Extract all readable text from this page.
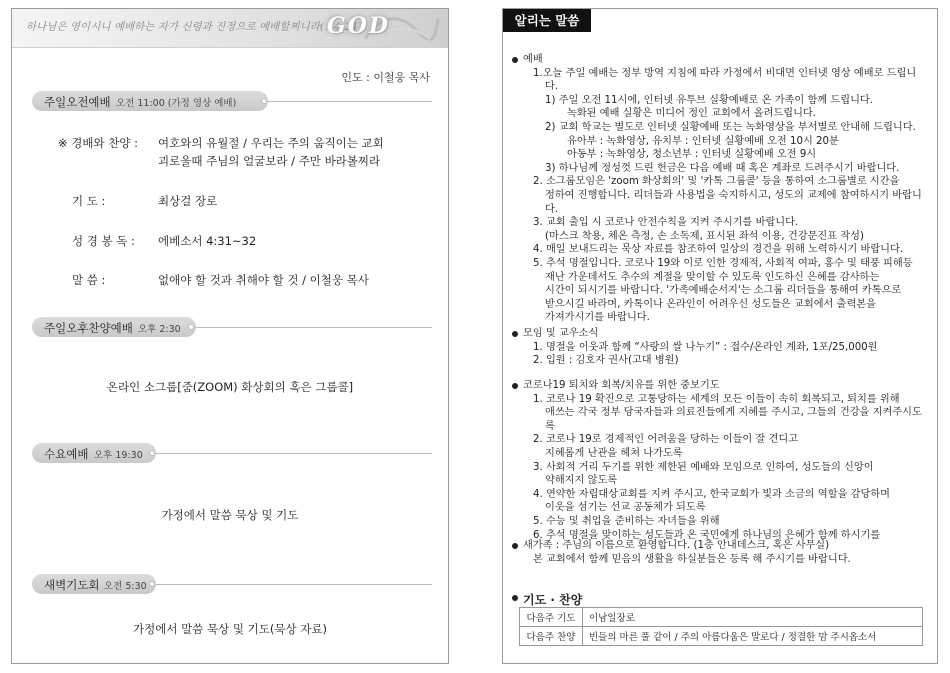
하나님은 영이시니 예배하는 자가 신령과 진정으로 예배할찌니라(요4:24)
GOD
인도 : 이철웅 목사
주일오전예배 오전 11:00 (가정 영상 예배)
※ 경배와 찬양 : 여호와의 유월절 / 우리는 주의 움직이는 교회
괴로울때 주님의 얼굴보라 / 주만 바라볼찌라
기 도 :	최상걸 장로
성 경 봉 독 : 에베소서 4:31~32
말 씀 :	없애야 할 것과 취해야 할 것 / 이철웅 목사
주일오후찬양예배 오후 2:30
온라인 소그룹[줌(ZOOM) 화상회의 혹은 그룹콜]
수요예배 오후 19:30
가정에서 말씀 묵상 및 기도
새벽기도회 오전 5:30
가정에서 말씀 묵상 및 기도(묵상 자료)
알리는 말씀
예배
1.오늘 주일 예배는 정부 방역 지침에 따라 가정에서 비대면 인터넷 영상 예배로 드립니다.
1) 주일 오전 11시에, 인터넷 유투브 실황예배로 온 가족이 함께 드립니다.
녹화된 예배 실황은 미디어 정인 교회에서 올려드립니다.
2) 교회 학교는 별도로 인터넷 실황예배 또는 녹화영상을 부서별로 안내해 드립니다.
유아부 : 녹화영상, 유치부 : 인터넷 실황예배 오전 10시 20분
아동부 : 녹화영상, 청소년부 : 인터넷 실황예배 오전 9시
3) 하나님께 정성껏 드린 헌금은 다음 예배 때 혹은 계좌로 드려주시기 바랍니다.
2. 소그룹모임은 'zoom 화상회의' 및 '카톡 그룹콜' 등을 통하여 소그룹별로 시간을
정하여 진행합니다. 리더들과 사용법을 숙지하시고, 성도의 교제에 참여하시기 바랍니다.
3. 교회 출입 시 코로나 안전수칙을 지켜 주시기를 바랍니다.
(마스크 착용, 체온 측정, 손 소독제, 표시된 좌석 이용, 건강문진표 작성)
4. 매일 보내드리는 묵상 자료를 참조하여 일상의 경건을 위해 노력하시기 바랍니다.
5. 추석 명절입니다. 코로나 19와 이로 인한 경제적, 사회적 여파, 홍수 및 태풍 피해등
재난 가운데서도 추수의 계절을 맞이할 수 있도록 인도하신 은혜를 감사하는
시간이 되시기를 바랍니다. '가족예배순서지'는 소그룹 리더들을 통해여 카톡으로
받으시길 바라며, 카톡이나 온라인이 어려우신 성도들은 교회에서 출력본을
가져가시기를 바랍니다.
모임 및 교우소식
1. 명절을 이웃과 함께 “사랑의 쌀 나누기” : 접수/온라인 계좌, 1포/25,000원
2. 입원 : 김호자 권사(고대 병원)
코로나19 퇴치와 회복/치유를 위한 중보기도
1. 코로나 19 확진으로 고통당하는 세계의 모든 이들이 속히 회복되고, 퇴치를 위해
애쓰는 각국 정부 당국자들과 의료진들에게 지혜를 주시고, 그들의 건강을 지켜주시도록
2. 코로나 19로 경제적인 어려움을 당하는 이들이 잘 견디고
지혜롭게 난관을 헤쳐 나가도록
3. 사회적 거리 두기를 위한 제한된 예배와 모임으로 인하여, 성도들의 신앙이
약해지지 않도록
4. 연약한 자립대상교회를 지켜 주시고, 한국교회가 빛과 소금의 역할을 감당하며
이웃을 섬기는 선교 공동체가 되도록
5. 수능 및 취업을 준비하는 자녀들을 위해
6. 추석 명절을 맞이하는 성도들과 온 국민에게 하나님의 은혜가 함께 하시기를
새가족 : 주님의 이름으로 환영합니다. (1층 안내데스크, 혹은 사무실)
본 교회에서 함께 믿음의 생활을 하실분들은 등록 해 주시기를 바랍니다.
기도 · 찬양
다음주 기도	이남일장로
다음주 찬양	빈들의 마른 풀 같이 / 주의 아름다움은 말로다 / 정결한 맘 주시옵소서
